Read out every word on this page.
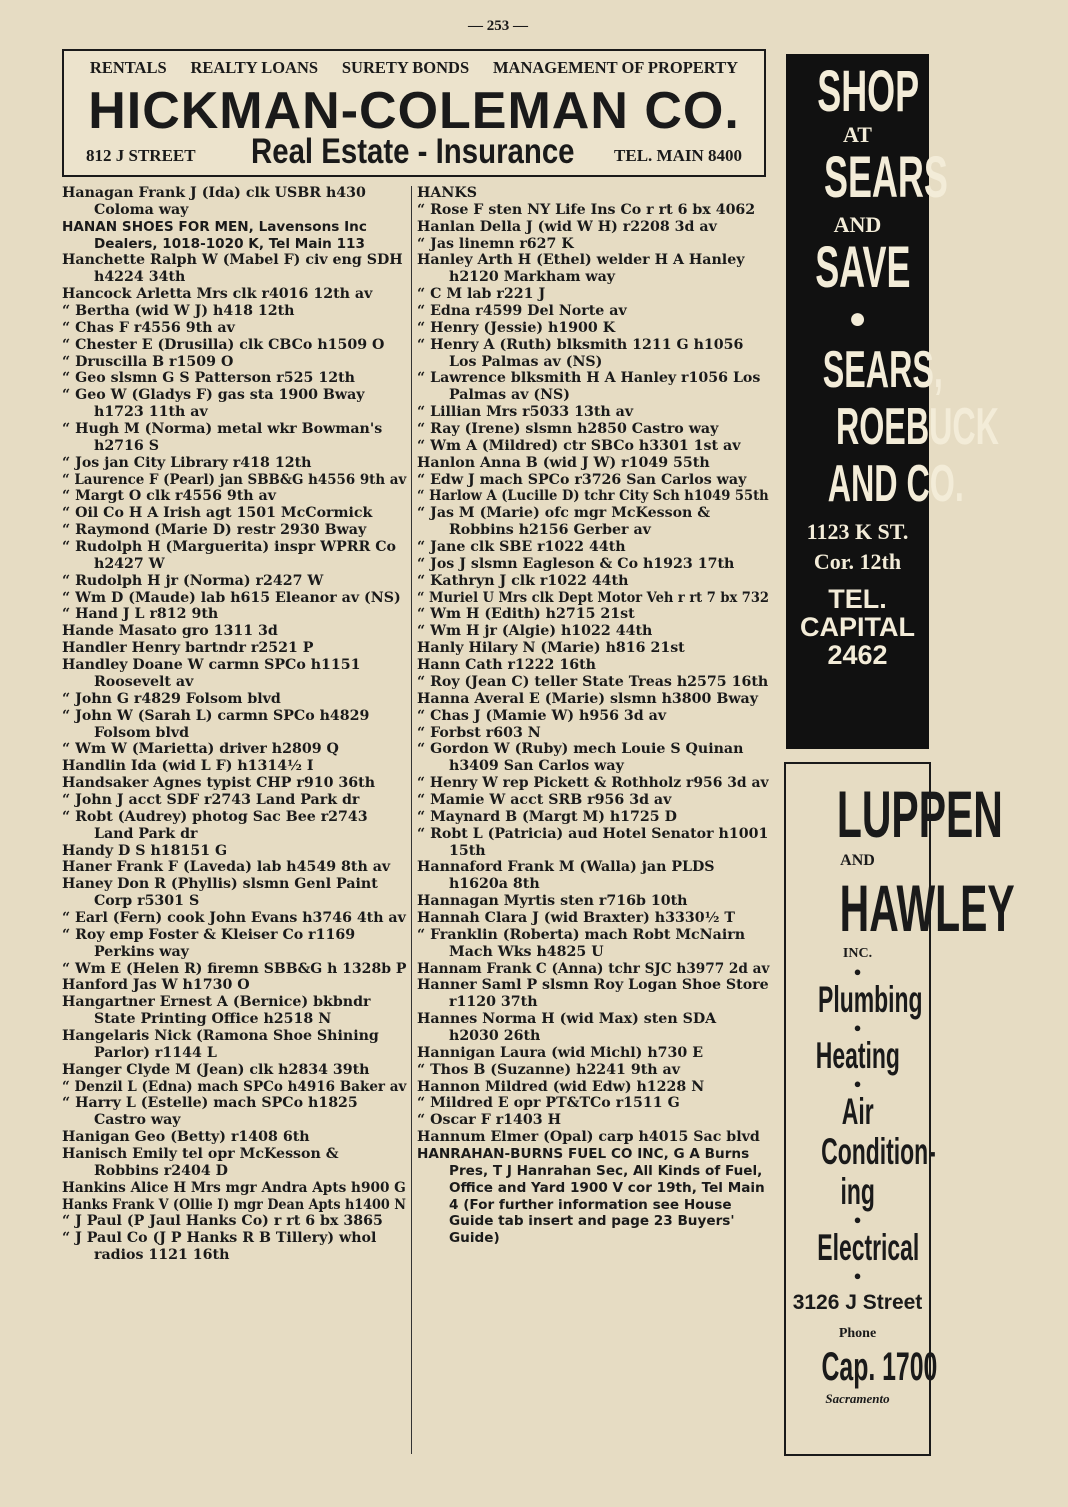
— 253 —
RENTALS REALTY LOANS SURETY BONDS MANAGEMENT OF PROPERTY
HICKMAN-COLEMAN CO.
812 J STREET Real Estate - Insurance TEL. MAIN 8400
Hanagan Frank J (Ida) clk USBR h430 Coloma way
HANAN SHOES FOR MEN, Lavensons Inc Dealers, 1018-1020 K, Tel Main 113
Hanchette Ralph W (Mabel F) civ eng SDH h4224 34th
Hancock Arletta Mrs clk r4016 12th av
“ Bertha (wid W J) h418 12th
“ Chas F r4556 9th av
“ Chester E (Drusilla) clk CBCo h1509 O
“ Druscilla B r1509 O
“ Geo slsmn G S Patterson r525 12th
“ Geo W (Gladys F) gas sta 1900 Bway h1723 11th av
“ Hugh M (Norma) metal wkr Bowman's h2716 S
“ Jos jan City Library r418 12th
“ Laurence F (Pearl) jan SBB&G h4556 9th av
“ Margt O clk r4556 9th av
“ Oil Co H A Irish agt 1501 McCormick
“ Raymond (Marie D) restr 2930 Bway
“ Rudolph H (Marguerita) inspr WPRR Co h2427 W
“ Rudolph H jr (Norma) r2427 W
“ Wm D (Maude) lab h615 Eleanor av (NS)
“ Hand J L r812 9th
Hande Masato gro 1311 3d
Handler Henry bartndr r2521 P
Handley Doane W carmn SPCo h1151 Roosevelt av
“ John G r4829 Folsom blvd
“ John W (Sarah L) carmn SPCo h4829 Folsom blvd
“ Wm W (Marietta) driver h2809 Q
Handlin Ida (wid L F) h1314½ I
Handsaker Agnes typist CHP r910 36th
“ John J acct SDF r2743 Land Park dr
“ Robt (Audrey) photog Sac Bee r2743 Land Park dr
Handy D S h18151 G
Haner Frank F (Laveda) lab h4549 8th av
Haney Don R (Phyllis) slsmn Genl Paint Corp r5301 S
“ Earl (Fern) cook John Evans h3746 4th av
“ Roy emp Foster & Kleiser Co r1169 Perkins way
“ Wm E (Helen R) firemn SBB&G h 1328b P
Hanford Jas W h1730 O
Hangartner Ernest A (Bernice) bkbndr State Printing Office h2518 N
Hangelaris Nick (Ramona Shoe Shining Parlor) r1144 L
Hanger Clyde M (Jean) clk h2834 39th
“ Denzil L (Edna) mach SPCo h4916 Baker av
“ Harry L (Estelle) mach SPCo h1825 Castro way
Hanigan Geo (Betty) r1408 6th
Hanisch Emily tel opr McKesson & Robbins r2404 D
Hankins Alice H Mrs mgr Andra Apts h900 G
Hanks Frank V (Ollie I) mgr Dean Apts h1400 N
“ J Paul (P Jaul Hanks Co) r rt 6 bx 3865
“ J Paul Co (J P Hanks R B Tillery) whol radios 1121 16th
HANKS
“ Rose F sten NY Life Ins Co r rt 6 bx 4062
Hanlan Della J (wid W H) r2208 3d av
“ Jas linemn r627 K
Hanley Arth H (Ethel) welder H A Hanley h2120 Markham way
“ C M lab r221 J
“ Edna r4599 Del Norte av
“ Henry (Jessie) h1900 K
“ Henry A (Ruth) blksmith 1211 G h1056 Los Palmas av (NS)
“ Lawrence blksmith H A Hanley r1056 Los Palmas av (NS)
“ Lillian Mrs r5033 13th av
“ Ray (Irene) slsmn h2850 Castro way
“ Wm A (Mildred) ctr SBCo h3301 1st av
Hanlon Anna B (wid J W) r1049 55th
“ Edw J mach SPCo r3726 San Carlos way
“ Harlow A (Lucille D) tchr City Sch h1049 55th
“ Jas M (Marie) ofc mgr McKesson & Robbins h2156 Gerber av
“ Jane clk SBE r1022 44th
“ Jos J slsmn Eagleson & Co h1923 17th
“ Kathryn J clk r1022 44th
“ Muriel U Mrs clk Dept Motor Veh r rt 7 bx 732
“ Wm H (Edith) h2715 21st
“ Wm H jr (Algie) h1022 44th
Hanly Hilary N (Marie) h816 21st
Hann Cath r1222 16th
“ Roy (Jean C) teller State Treas h2575 16th
Hanna Averal E (Marie) slsmn h3800 Bway
“ Chas J (Mamie W) h956 3d av
“ Forbst r603 N
“ Gordon W (Ruby) mech Louie S Quinan h3409 San Carlos way
“ Henry W rep Pickett & Rothholz r956 3d av
“ Mamie W acct SRB r956 3d av
“ Maynard B (Margt M) h1725 D
“ Robt L (Patricia) aud Hotel Senator h1001 15th
Hannaford Frank M (Walla) jan PLDS h1620a 8th
Hannagan Myrtis sten r716b 10th
Hannah Clara J (wid Braxter) h3330½ T
“ Franklin (Roberta) mach Robt McNairn Mach Wks h4825 U
Hannam Frank C (Anna) tchr SJC h3977 2d av
Hanner Saml P slsmn Roy Logan Shoe Store r1120 37th
Hannes Norma H (wid Max) sten SDA h2030 26th
Hannigan Laura (wid Michl) h730 E
“ Thos B (Suzanne) h2241 9th av
Hannon Mildred (wid Edw) h1228 N
“ Mildred E opr PT&TCo r1511 G
“ Oscar F r1403 H
Hannum Elmer (Opal) carp h4015 Sac blvd
HANRAHAN-BURNS FUEL CO INC, G A Burns Pres, T J Hanrahan Sec, All Kinds of Fuel, Office and Yard 1900 V cor 19th, Tel Main 4 (For further information see House Guide tab insert and page 23 Buyers' Guide)
SHOP
AT
SEARS
AND
SAVE
●
SEARS,
ROEBUCK
AND CO.
1123 K ST.
Cor. 12th
TEL.
CAPITAL
2462
LUPPEN
AND
HAWLEY
INC.
●
Plumbing
●
Heating
●
Air
Condition-
ing
●
Electrical
●
3126 J Street
Phone
Cap. 1700
Sacramento
